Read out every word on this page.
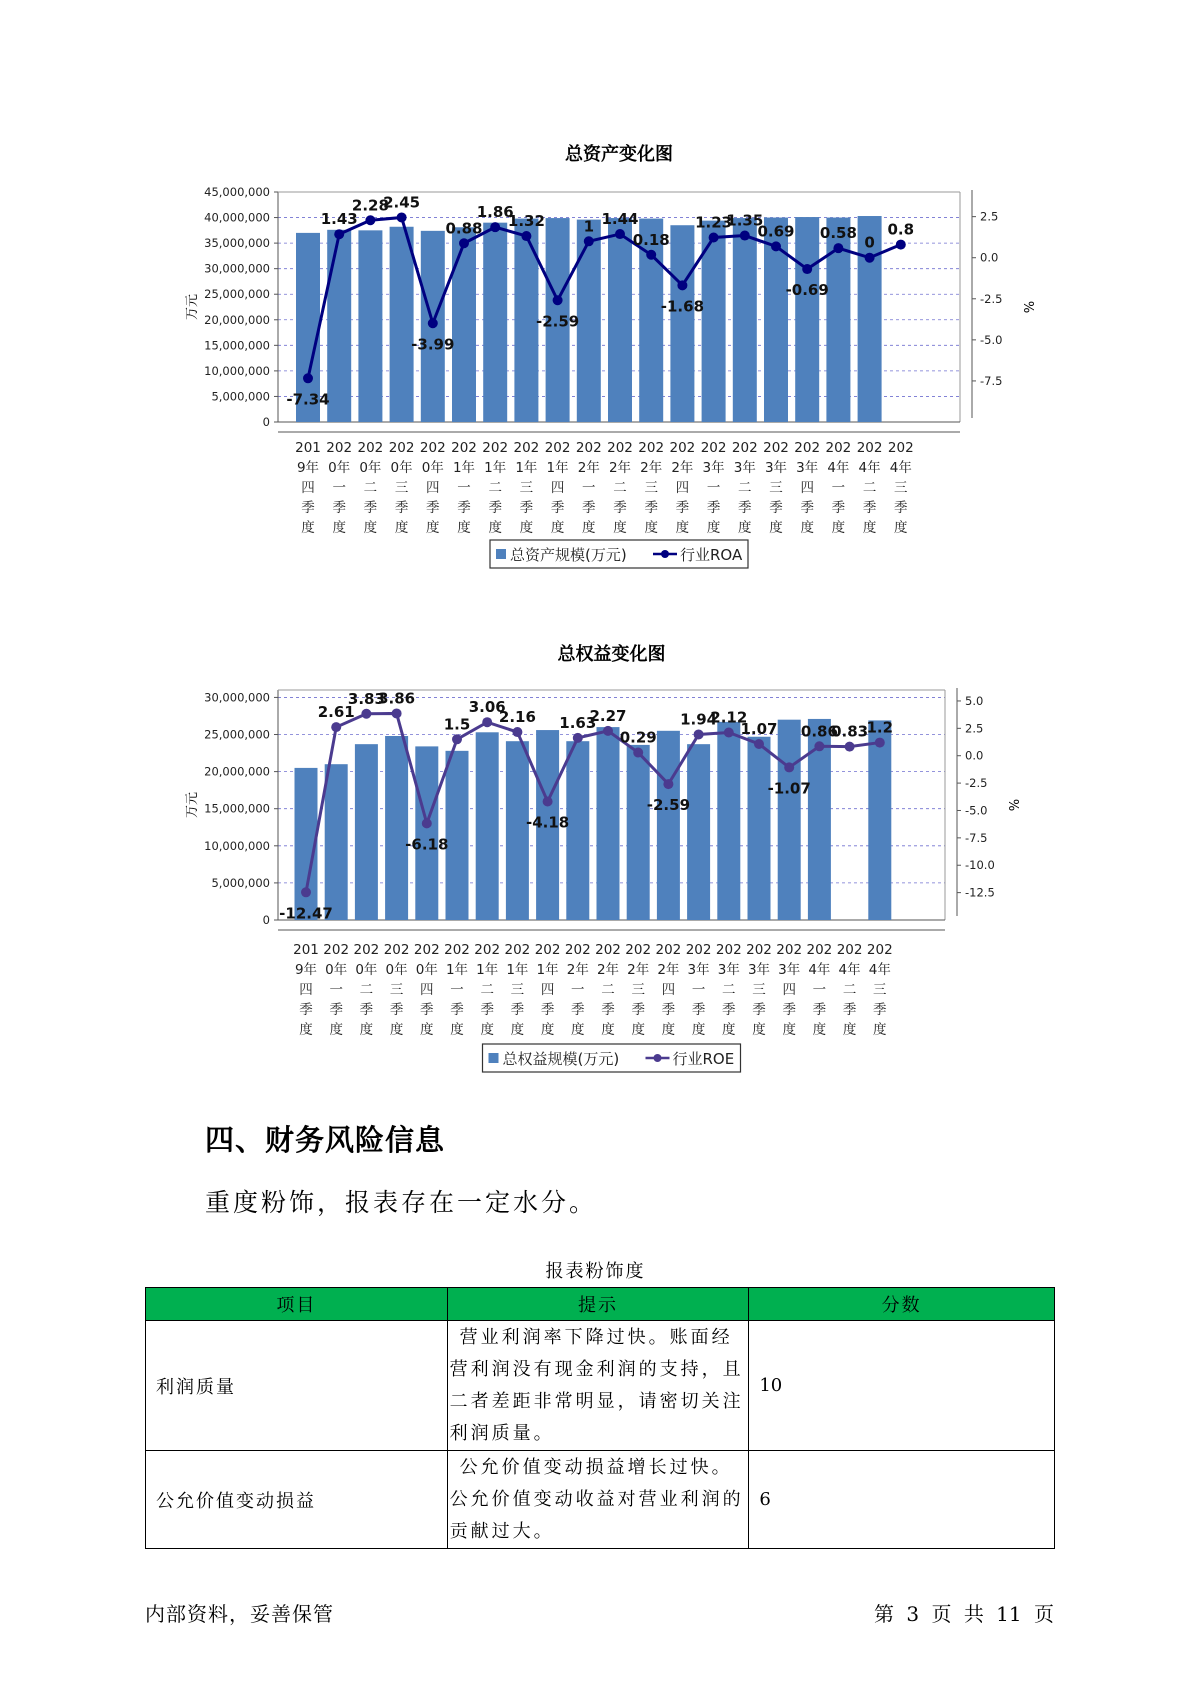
总资产变化图
45,000,000
40,000,000
35,000,000
30,000,000
25,000,000
20,000,000
15,000,000
10,000,000
5,000,000
0
2.5
0.0
-2.5
-5.0
-7.5
万元	%
-7.34
1.43
2.28
2.45
-3.99
0.88
1.86
1.32
-2.59
1 1.44
0.18
-1.68
1.23
1.35
0.69
-0.69
0.58
0
0.8
201
9年
四
季
度
202
0年
一
季
度
202
0年
二
季
度
202
0年
三
季
度
202
0年
四
季
度
202
1年
一
季
度
202
1年
二
季
度
202
1年
三
季
度
202
1年
四
季
度
202
2年
一
季
度
202
2年
二
季
度
202
2年
三
季
度
202
2年
四
季
度
202
3年
一
季
度
202
3年
二
季
度
202
3年
三
季
度
202
3年
四
季
度
202
4年
一
季
度
202
4年
二
季
度
202
4年
三
季
度
总资产规模(万元)	行业ROA
总权益变化图
30,000,000
25,000,000
20,000,000
15,000,000
10,000,000
5,000,000
0
5.0
2.5
0.0
-2.5
-5.0
-7.5
-10.0
-12.5
万元	%
-12.47
2.61
3.83
3.86
-6.18
1.5
3.06
2.16
-4.18
1.63
2.27
0.29
-2.59
1.94
2.12
1.07
-1.07
0.86
0.83
1.2
201
9年
四
季
度
202
0年
一
季
度
202
0年
二
季
度
202
0年
三
季
度
202
0年
四
季
度
202
1年
一
季
度
202
1年
二
季
度
202
1年
三
季
度
202
1年
四
季
度
202
2年
一
季
度
202
2年
二
季
度
202
2年
三
季
度
202
2年
四
季
度
202
3年
一
季
度
202
3年
二
季
度
202
3年
三
季
度
202
3年
四
季
度
202
4年
一
季
度
202
4年
二
季
度
202
4年
三
季
度
总权益规模(万元)	行业ROE
四、财务风险信息
重度粉饰，报表存在一定水分。
报表粉饰度
项目	提示	分数
利润质量	营业利润率下降过快。账面经营利润没有现金利润的支持，且二者差距非常明显，请密切关注利润质量。	10
公允价值变动损益	公允价值变动损益增长过快。公允价值变动收益对营业利润的贡献过大。	6
内部资料，妥善保管	第 3 页 共 11 页
